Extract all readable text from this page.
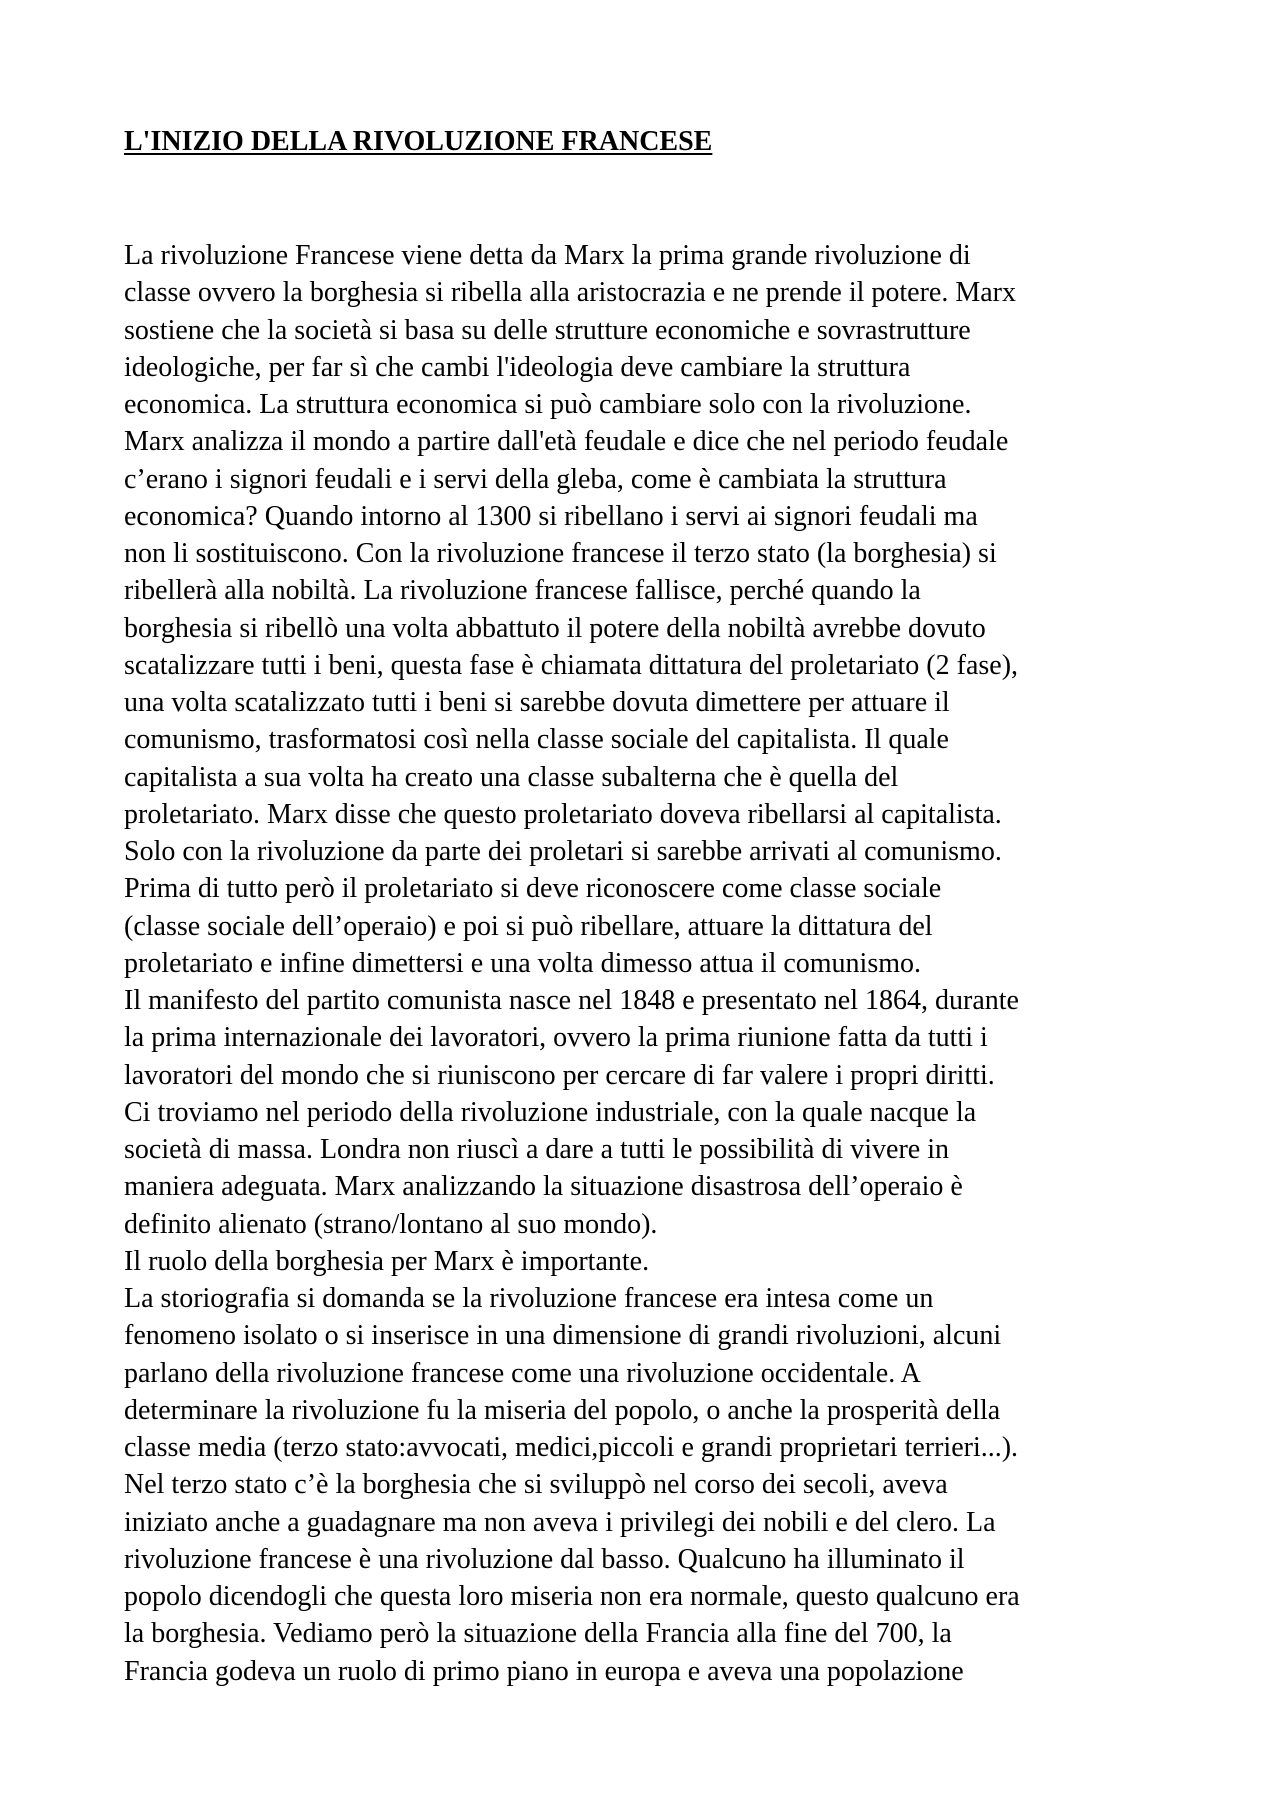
L'INIZIO DELLA RIVOLUZIONE FRANCESE
La rivoluzione Francese viene detta da Marx la prima grande rivoluzione di
classe ovvero la borghesia si ribella alla aristocrazia e ne prende il potere. Marx
sostiene che la società si basa su delle strutture economiche e sovrastrutture
ideologiche, per far sì che cambi l'ideologia deve cambiare la struttura
economica. La struttura economica si può cambiare solo con la rivoluzione.
Marx analizza il mondo a partire dall'età feudale e dice che nel periodo feudale
c’erano i signori feudali e i servi della gleba, come è cambiata la struttura
economica? Quando intorno al 1300 si ribellano i servi ai signori feudali ma
non li sostituiscono. Con la rivoluzione francese il terzo stato (la borghesia) si
ribellerà alla nobiltà. La rivoluzione francese fallisce, perché quando la
borghesia si ribellò una volta abbattuto il potere della nobiltà avrebbe dovuto
scatalizzare tutti i beni, questa fase è chiamata dittatura del proletariato (2 fase),
una volta scatalizzato tutti i beni si sarebbe dovuta dimettere per attuare il
comunismo, trasformatosi così nella classe sociale del capitalista. Il quale
capitalista a sua volta ha creato una classe subalterna che è quella del
proletariato. Marx disse che questo proletariato doveva ribellarsi al capitalista.
Solo con la rivoluzione da parte dei proletari si sarebbe arrivati al comunismo.
Prima di tutto però il proletariato si deve riconoscere come classe sociale
(classe sociale dell’operaio) e poi si può ribellare, attuare la dittatura del
proletariato e infine dimettersi e una volta dimesso attua il comunismo.
Il manifesto del partito comunista nasce nel 1848 e presentato nel 1864, durante
la prima internazionale dei lavoratori, ovvero la prima riunione fatta da tutti i
lavoratori del mondo che si riuniscono per cercare di far valere i propri diritti.
Ci troviamo nel periodo della rivoluzione industriale, con la quale nacque la
società di massa. Londra non riuscì a dare a tutti le possibilità di vivere in
maniera adeguata. Marx analizzando la situazione disastrosa dell’operaio è
definito alienato (strano/lontano al suo mondo).
Il ruolo della borghesia per Marx è importante.
La storiografia si domanda se la rivoluzione francese era intesa come un
fenomeno isolato o si inserisce in una dimensione di grandi rivoluzioni, alcuni
parlano della rivoluzione francese come una rivoluzione occidentale. A
determinare la rivoluzione fu la miseria del popolo, o anche la prosperità della
classe media (terzo stato:avvocati, medici,piccoli e grandi proprietari terrieri...).
Nel terzo stato c’è la borghesia che si sviluppò nel corso dei secoli, aveva
iniziato anche a guadagnare ma non aveva i privilegi dei nobili e del clero. La
rivoluzione francese è una rivoluzione dal basso. Qualcuno ha illuminato il
popolo dicendogli che questa loro miseria non era normale, questo qualcuno era
la borghesia. Vediamo però la situazione della Francia alla fine del 700, la
Francia godeva un ruolo di primo piano in europa e aveva una popolazione
